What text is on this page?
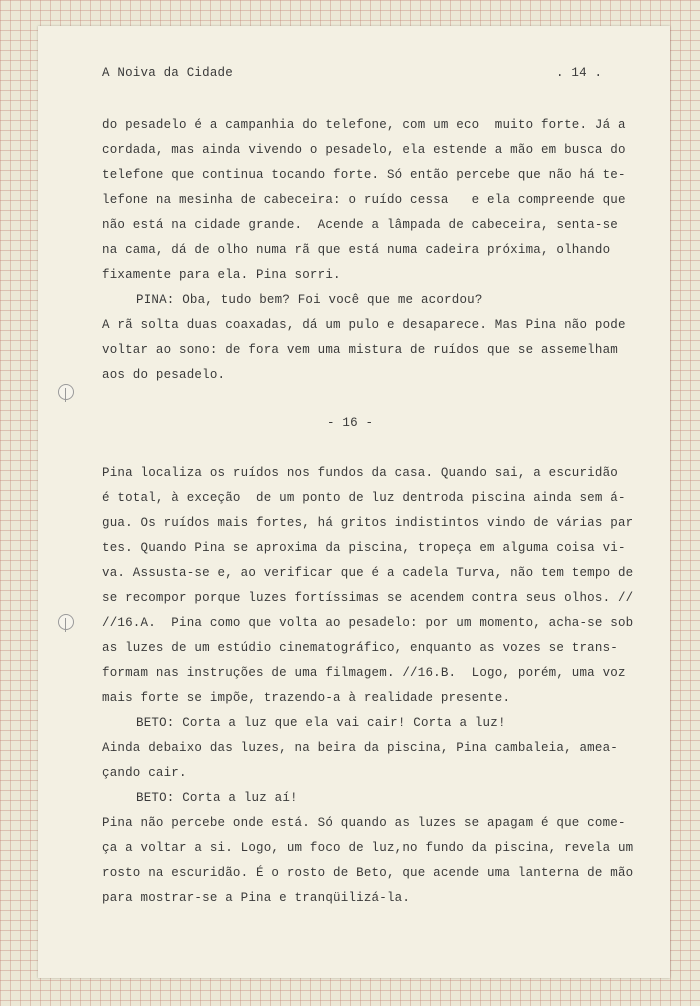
A Noiva da Cidade	. 14 .
do pesadelo é a campanhia do telefone, com um eco  muito forte. Já a
cordada, mas ainda vivendo o pesadelo, ela estende a mão em busca do
telefone que continua tocando forte. Só então percebe que não há te-
lefone na mesinha de cabeceira: o ruído cessa   e ela compreende que
não está na cidade grande.  Acende a lâmpada de cabeceira, senta-se
na cama, dá de olho numa rã que está numa cadeira próxima, olhando
fixamente para ela. Pina sorri.
PINA: Oba, tudo bem? Foi você que me acordou?
A rã solta duas coaxadas, dá um pulo e desaparece. Mas Pina não pode
voltar ao sono: de fora vem uma mistura de ruídos que se assemelham
aos do pesadelo.
- 16 -
Pina localiza os ruídos nos fundos da casa. Quando sai, a escuridão
é total, à exceção  de um ponto de luz dentroda piscina ainda sem á-
gua. Os ruídos mais fortes, há gritos indistintos vindo de várias par
tes. Quando Pina se aproxima da piscina, tropeça em alguma coisa vi-
va. Assusta-se e, ao verificar que é a cadela Turva, não tem tempo de
se recompor porque luzes fortíssimas se acendem contra seus olhos. //
//16.A.  Pina como que volta ao pesadelo: por um momento, acha-se sob
as luzes de um estúdio cinematográfico, enquanto as vozes se trans-
formam nas instruções de uma filmagem. //16.B.  Logo, porém, uma voz
mais forte se impõe, trazendo-a à realidade presente.
BETO: Corta a luz que ela vai cair! Corta a luz!
Ainda debaixo das luzes, na beira da piscina, Pina cambaleia, amea-
çando cair.
BETO: Corta a luz aí!
Pina não percebe onde está. Só quando as luzes se apagam é que come-
ça a voltar a si. Logo, um foco de luz,no fundo da piscina, revela um
rosto na escuridão. É o rosto de Beto, que acende uma lanterna de mão
para mostrar-se a Pina e tranqüilizá-la.
